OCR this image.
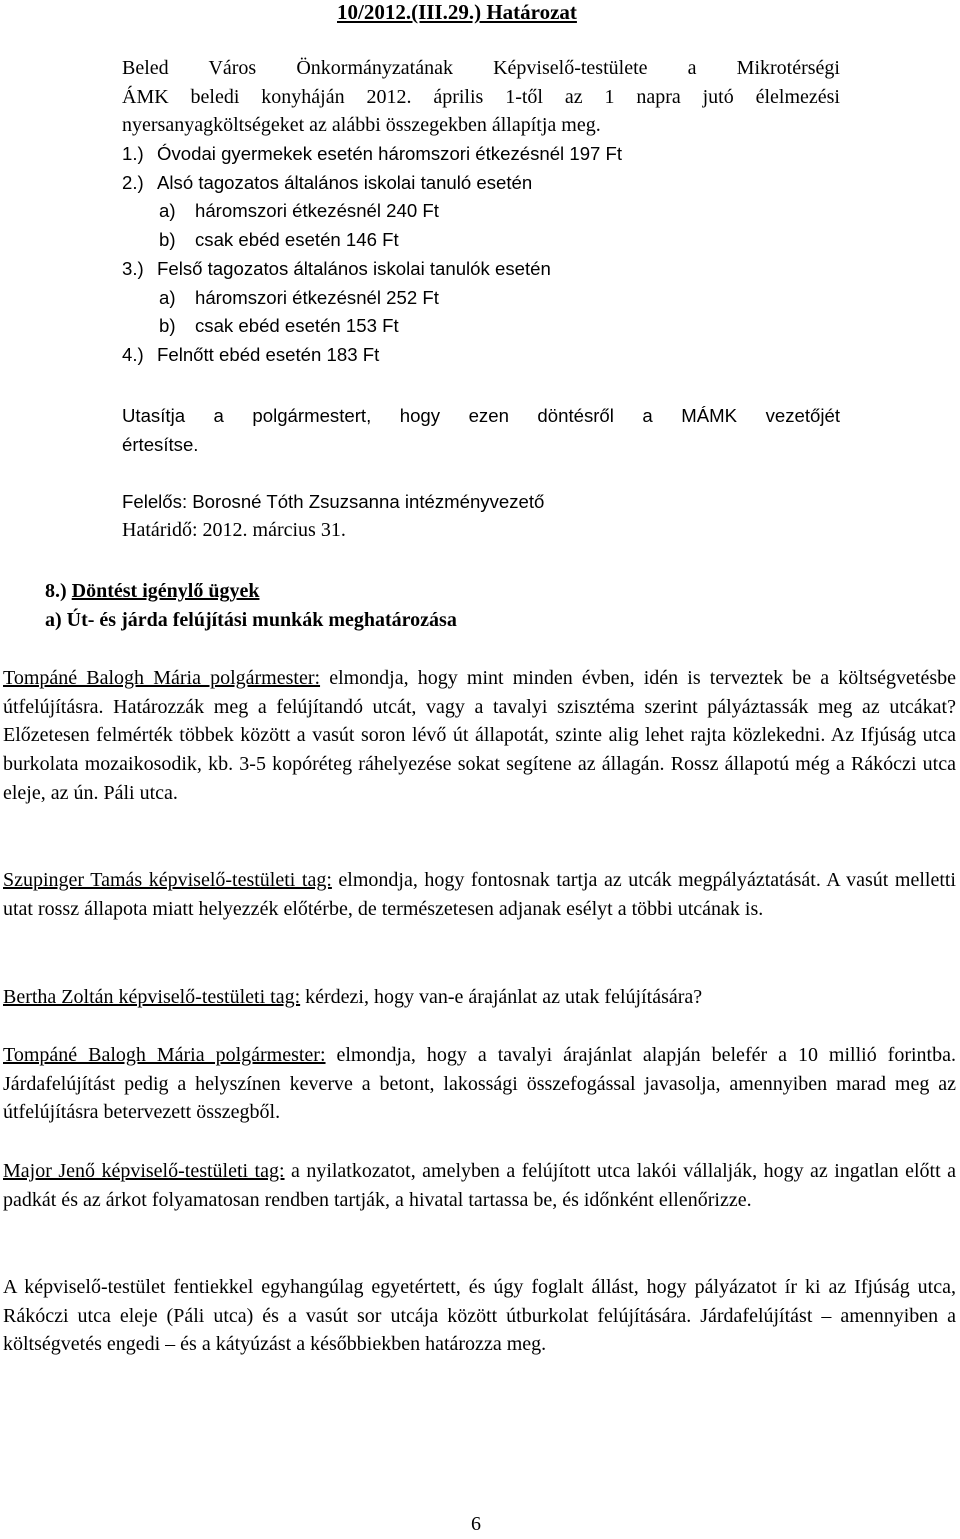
10/2012.(III.29.) Határozat
Beled Város Önkormányzatának Képviselő-testülete a Mikrotérségi
ÁMK beledi konyháján 2012. április 1-től az 1 napra jutó élelmezési
nyersanyagköltségeket az alábbi összegekben állapítja meg.
1.) Óvodai gyermekek esetén háromszori étkezésnél 197 Ft
2.) Alsó tagozatos általános iskolai tanuló esetén
a)	háromszori étkezésnél 240 Ft
b)	csak ebéd esetén 146 Ft
3.) Felső tagozatos általános iskolai tanulók esetén
a)	háromszori étkezésnél 252 Ft
b)	csak ebéd esetén 153 Ft
4.) Felnőtt ebéd esetén 183 Ft
Utasítja a polgármestert, hogy ezen döntésről a MÁMK vezetőjét
értesítse.
Felelős: Borosné Tóth Zsuzsanna intézményvezető
Határidő: 2012. március 31.
8.) Döntést igénylő ügyek
a) Út- és járda felújítási munkák meghatározása
Tompáné Balogh Mária polgármester: elmondja, hogy mint minden évben, idén is terveztek be a költségvetésbe útfelújításra. Határozzák meg a felújítandó utcát, vagy a tavalyi szisztéma szerint pályáztassák meg az utcákat? Előzetesen felmérték többek között a vasút soron lévő út állapotát, szinte alig lehet rajta közlekedni. Az Ifjúság utca burkolata mozaikosodik, kb. 3-5 kopóréteg ráhelyezése sokat segítene az állagán. Rossz állapotú még a Rákóczi utca eleje, az ún. Páli utca.
Szupinger Tamás képviselő-testületi tag: elmondja, hogy fontosnak tartja az utcák megpályáztatását. A vasút melletti utat rossz állapota miatt helyezzék előtérbe, de természetesen adjanak esélyt a többi utcának is.
Bertha Zoltán képviselő-testületi tag: kérdezi, hogy van-e árajánlat az utak felújítására?
Tompáné Balogh Mária polgármester: elmondja, hogy a tavalyi árajánlat alapján belefér a 10 millió forintba. Járdafelújítást pedig a helyszínen keverve a betont, lakossági összefogással javasolja, amennyiben marad meg az útfelújításra betervezett összegből.
Major Jenő képviselő-testületi tag: a nyilatkozatot, amelyben a felújított utca lakói vállalják, hogy az ingatlan előtt a padkát és az árkot folyamatosan rendben tartják, a hivatal tartassa be, és időnként ellenőrizze.
A képviselő-testület fentiekkel egyhangúlag egyetértett, és úgy foglalt állást, hogy pályázatot ír ki az Ifjúság utca, Rákóczi utca eleje (Páli utca) és a vasút sor utcája között útburkolat felújítására. Járdafelújítást – amennyiben a költségvetés engedi – és a kátyúzást a későbbiekben határozza meg.
6
